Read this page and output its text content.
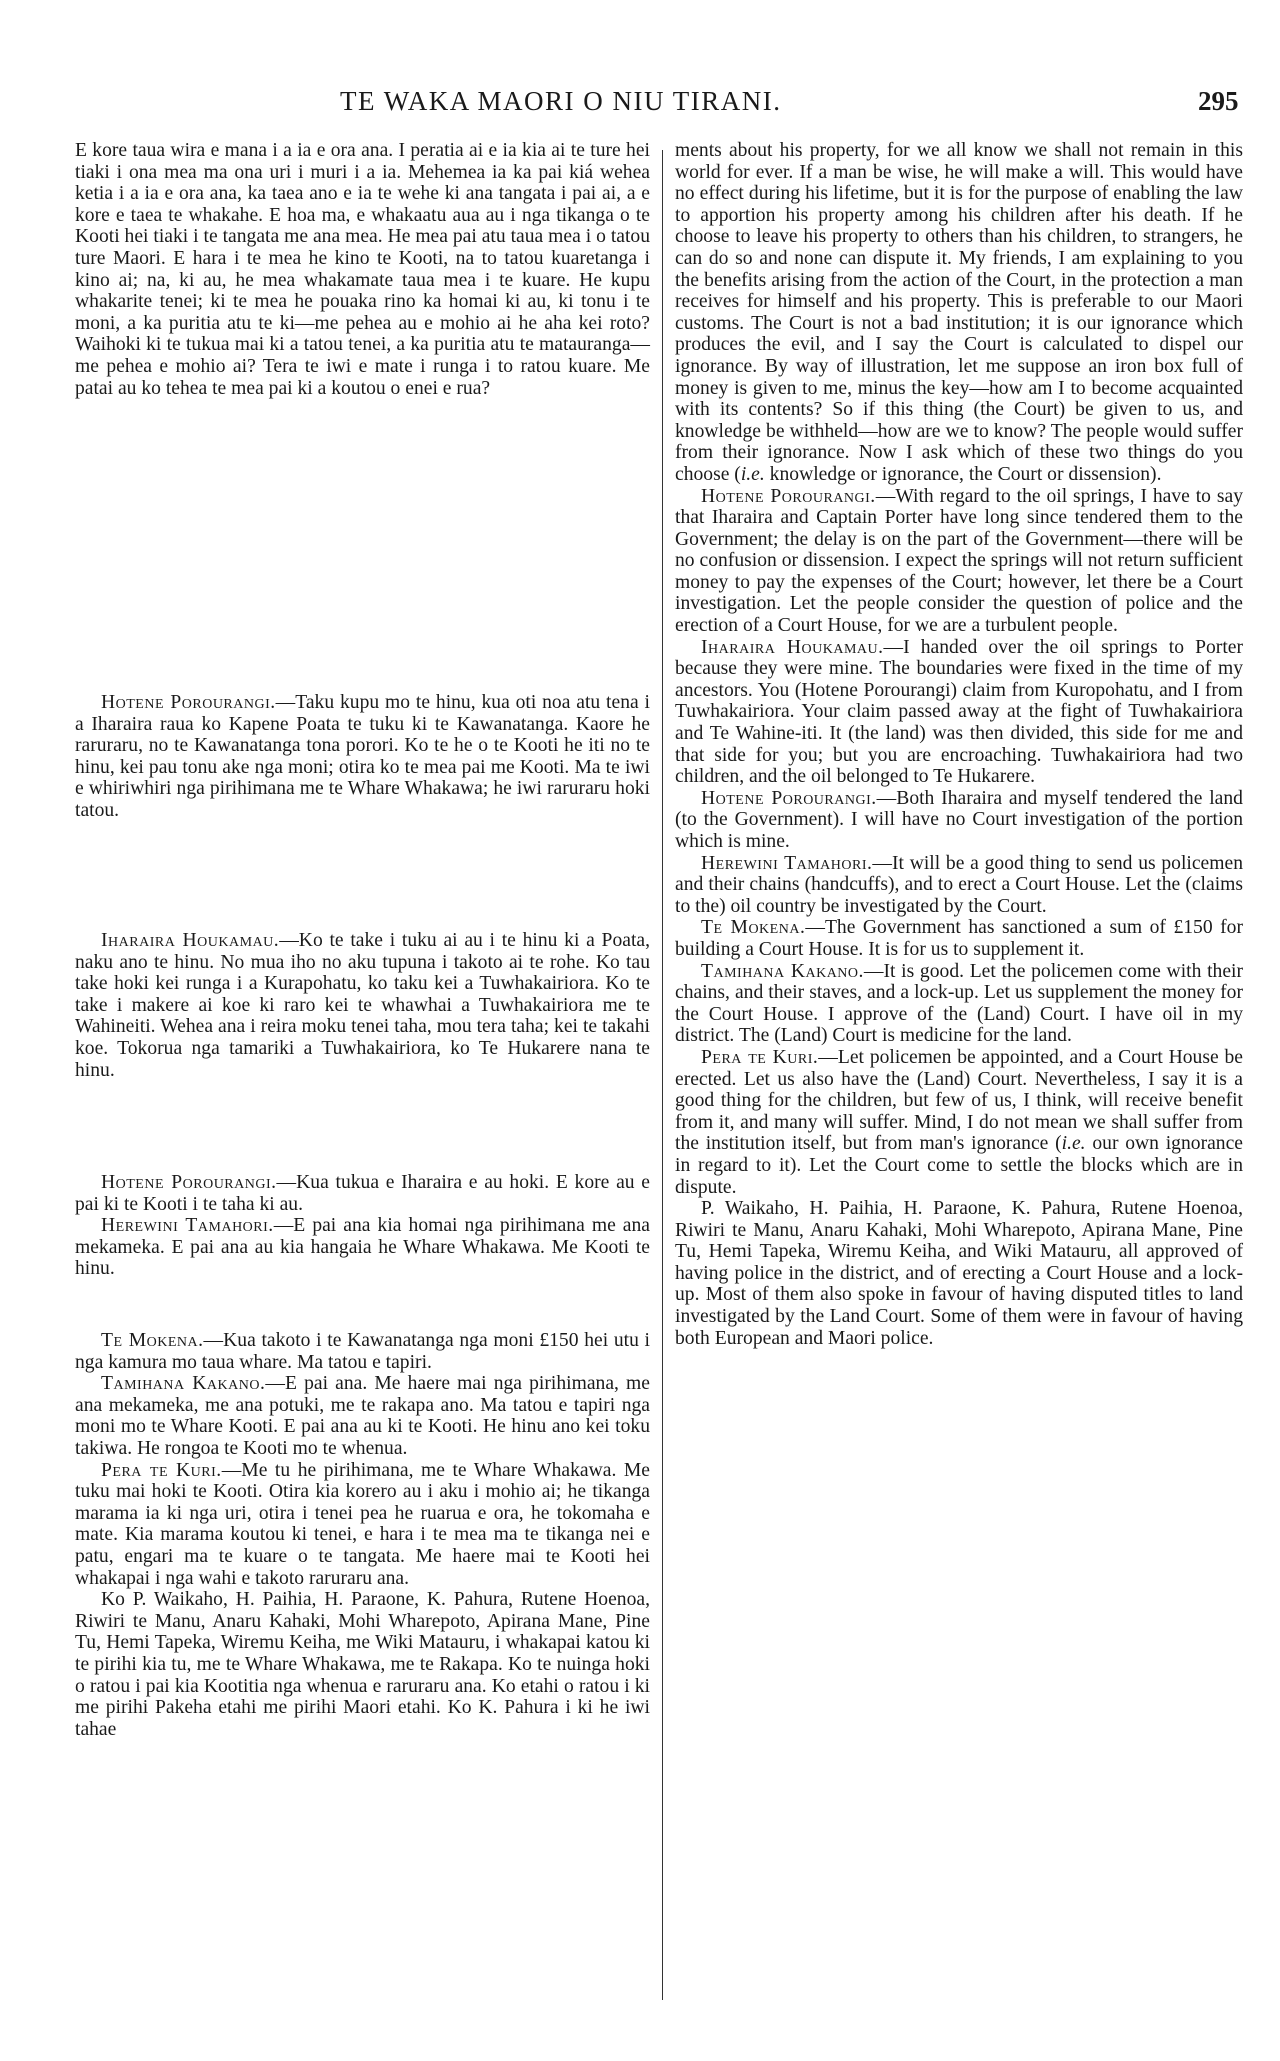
TE WAKA MAORI O NIU TIRANI.	295

E kore taua wira e mana i a ia e ora ana. I peratia ai e ia kia ai te ture hei tiaki i ona mea ma ona uri i muri i a ia. Mehemea ia ka pai kiá wehea ketia i a ia e ora ana, ka taea ano e ia te wehe ki ana tangata i pai ai, a e kore e taea te whakahe. E hoa ma, e whakaatu aua au i nga tikanga o te Kooti hei tiaki i te tangata me ana mea. He mea pai atu taua mea i o tatou ture Maori. E hara i te mea he kino te Kooti, na to tatou kuaretanga i kino ai; na, ki au, he mea whakamate taua mea i te kuare. He kupu whakarite tenei; ki te mea he pouaka rino ka homai ki au, ki tonu i te moni, a ka puritia atu te ki—me pehea au e mohio ai he aha kei roto? Waihoki ki te tukua mai ki a tatou tenei, a ka puritia atu te matauranga—me pehea e mohio ai? Tera te iwi e mate i runga i to ratou kuare. Me patai au ko tehea te mea pai ki a koutou o enei e rua?

Hotene Porourangi.—Taku kupu mo te hinu, kua oti noa atu tena i a Iharaira raua ko Kapene Poata te tuku ki te Kawanatanga. Kaore he raruraru, no te Kawanatanga tona porori. Ko te he o te Kooti he iti no te hinu, kei pau tonu ake nga moni; otira ko te mea pai me Kooti. Ma te iwi e whiriwhiri nga pirihimana me te Whare Whakawa; he iwi raruraru hoki tatou.

Iharaira Houkamau.—Ko te take i tuku ai au i te hinu ki a Poata, naku ano te hinu. No mua iho no aku tupuna i takoto ai te rohe. Ko tau take hoki kei runga i a Kurapohatu, ko taku kei a Tuwhakairiora. Ko te take i makere ai koe ki raro kei te whawhai a Tuwhakairiora me te Wahineiti. Wehea ana i reira moku tenei taha, mou tera taha; kei te takahi koe. Tokorua nga tamariki a Tuwhakairiora, ko Te Hukarere nana te hinu.

Hotene Porourangi.—Kua tukua e Iharaira e au hoki. E kore au e pai ki te Kooti i te taha ki au.

Herewini Tamahori.—E pai ana kia homai nga pirihimana me ana mekameka. E pai ana au kia hangaia he Whare Whakawa. Me Kooti te hinu.

Te Mokena.—Kua takoto i te Kawanatanga nga moni £150 hei utu i nga kamura mo taua whare. Ma tatou e tapiri.

Tamihana Kakano.—E pai ana. Me haere mai nga pirihimana, me ana mekameka, me ana potuki, me te rakapa ano. Ma tatou e tapiri nga moni mo te Whare Kooti. E pai ana au ki te Kooti. He hinu ano kei toku takiwa. He rongoa te Kooti mo te whenua.

Pera te Kuri.—Me tu he pirihimana, me te Whare Whakawa. Me tuku mai hoki te Kooti. Otira kia korero au i aku i mohio ai; he tikanga marama ia ki nga uri, otira i tenei pea he ruarua e ora, he tokomaha e mate. Kia marama koutou ki tenei, e hara i te mea ma te tikanga nei e patu, engari ma te kuare o te tangata. Me haere mai te Kooti hei whakapai i nga wahi e takoto raruraru ana.

Ko P. Waikaho, H. Paihia, H. Paraone, K. Pahura, Rutene Hoenoa, Riwiri te Manu, Anaru Kahaki, Mohi Wharepoto, Apirana Mane, Pine Tu, Hemi Tapeka, Wiremu Keiha, me Wiki Matauru, i whakapai katou ki te pirihi kia tu, me te Whare Whakawa, me te Rakapa. Ko te nuinga hoki o ratou i pai kia Kootitia nga whenua e raruraru ana. Ko etahi o ratou i ki me pirihi Pakeha etahi me pirihi Maori etahi. Ko K. Pahura i ki he iwi tahae

ments about his property, for we all know we shall not remain in this world for ever. If a man be wise, he will make a will. This would have no effect during his lifetime, but it is for the purpose of enabling the law to apportion his property among his children after his death. If he choose to leave his property to others than his children, to strangers, he can do so and none can dispute it. My friends, I am explaining to you the benefits arising from the action of the Court, in the protection a man receives for himself and his property. This is preferable to our Maori customs. The Court is not a bad institution; it is our ignorance which produces the evil, and I say the Court is calculated to dispel our ignorance. By way of illustration, let me suppose an iron box full of money is given to me, minus the key—how am I to become acquainted with its contents? So if this thing (the Court) be given to us, and knowledge be withheld—how are we to know? The people would suffer from their ignorance. Now I ask which of these two things do you choose (i.e. knowledge or ignorance, the Court or dissension).

Hotene Porourangi.—With regard to the oil springs, I have to say that Iharaira and Captain Porter have long since tendered them to the Government; the delay is on the part of the Government—there will be no confusion or dissension. I expect the springs will not return sufficient money to pay the expenses of the Court; however, let there be a Court investigation. Let the people consider the question of police and the erection of a Court House, for we are a turbulent people.

Iharaira Houkamau.—I handed over the oil springs to Porter because they were mine. The boundaries were fixed in the time of my ancestors. You (Hotene Porourangi) claim from Kuropohatu, and I from Tuwhakairiora. Your claim passed away at the fight of Tuwhakairiora and Te Wahine-iti. It (the land) was then divided, this side for me and that side for you; but you are encroaching. Tuwhakairiora had two children, and the oil belonged to Te Hukarere.

Hotene Porourangi.—Both Iharaira and myself tendered the land (to the Government). I will have no Court investigation of the portion which is mine.

Herewini Tamahori.—It will be a good thing to send us policemen and their chains (handcuffs), and to erect a Court House. Let the (claims to the) oil country be investigated by the Court.

Te Mokena.—The Government has sanctioned a sum of £150 for building a Court House. It is for us to supplement it.

Tamihana Kakano.—It is good. Let the policemen come with their chains, and their staves, and a lock-up. Let us supplement the money for the Court House. I approve of the (Land) Court. I have oil in my district. The (Land) Court is medicine for the land.

Pera te Kuri.—Let policemen be appointed, and a Court House be erected. Let us also have the (Land) Court. Nevertheless, I say it is a good thing for the children, but few of us, I think, will receive benefit from it, and many will suffer. Mind, I do not mean we shall suffer from the institution itself, but from man's ignorance (i.e. our own ignorance in regard to it). Let the Court come to settle the blocks which are in dispute.

P. Waikaho, H. Paihia, H. Paraone, K. Pahura, Rutene Hoenoa, Riwiri te Manu, Anaru Kahaki, Mohi Wharepoto, Apirana Mane, Pine Tu, Hemi Tapeka, Wiremu Keiha, and Wiki Matauru, all approved of having police in the district, and of erecting a Court House and a lock-up. Most of them also spoke in favour of having disputed titles to land investigated by the Land Court. Some of them were in favour of having both European and Maori police.
